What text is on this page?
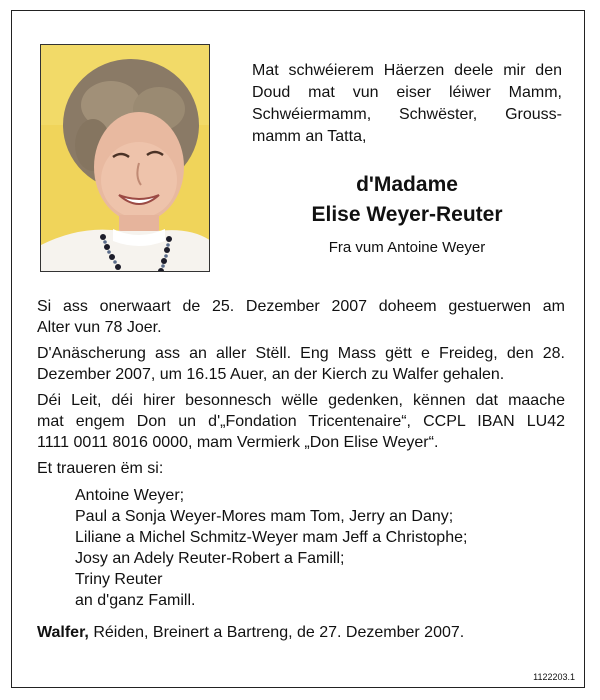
Mat schwéierem Häerzen deele mir den
Doud mat vun eiser léiwer Mamm,
Schwéiermamm, Schwëster, Grouss-
mamm an Tatta,
d'Madame
Elise Weyer-Reuter
Fra vum Antoine Weyer
Si ass onerwaart de 25. Dezember 2007 doheem gestuerwen am
Alter vun 78 Joer.
D'Anäscherung ass an aller Stëll. Eng Mass gëtt e Freideg, den 28.
Dezember 2007, um 16.15 Auer, an der Kierch zu Walfer gehalen.
Déi Leit, déi hirer besonnesch wëlle gedenken, kënnen dat maache
mat engem Don un d'„Fondation Tricentenaire“, CCPL IBAN LU42
1111 0011 8016 0000, mam Vermierk „Don Elise Weyer“.
Et traueren ëm si:
Antoine Weyer;
Paul a Sonja Weyer-Mores mam Tom, Jerry an Dany;
Liliane a Michel Schmitz-Weyer mam Jeff a Christophe;
Josy an Adely Reuter-Robert a Famill;
Triny Reuter
an d'ganz Famill.
Walfer, Réiden, Breinert a Bartreng, de 27. Dezember 2007.
1122203.1
